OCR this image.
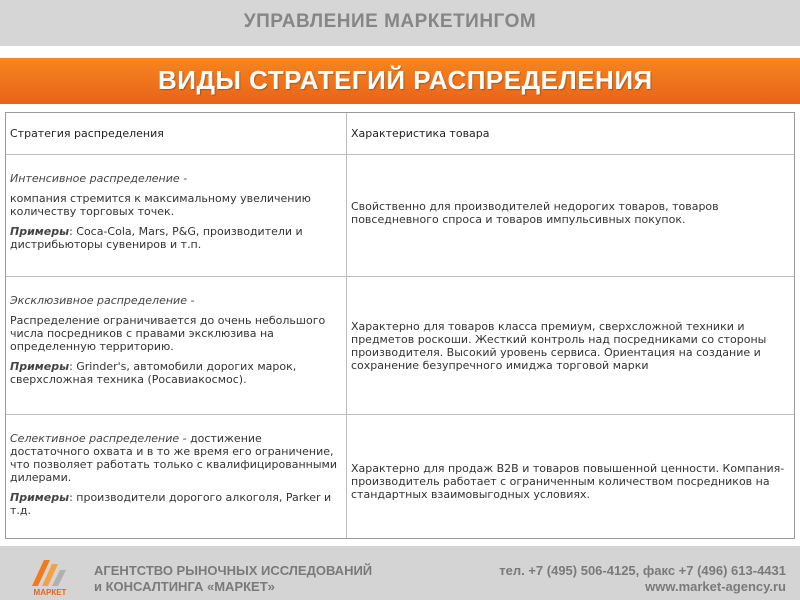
УПРАВЛЕНИЕ МАРКЕТИНГОМ
ВИДЫ СТРАТЕГИЙ РАСПРЕДЕЛЕНИЯ
Стратегия распределения	Характеристика товара

Интенсивное распределение -

компания стремится к максимальному увеличению количеству торговых точек.

Примеры: Coca-Cola, Mars, P&G, производители и дистрибьюторы сувениров и т.п.

Свойственно для производителей недорогих товаров, товаров повседневного спроса и товаров импульсивных покупок.

Эксклюзивное распределение -

Распределение ограничивается до очень небольшого числа посредников с правами эксклюзива на определенную территорию.

Примеры: Grinder's, автомобили дорогих марок, сверхсложная техника (Росавиакосмос).

Характерно для товаров класса премиум, сверхсложной техники и предметов роскоши. Жесткий контроль над посредниками со стороны производителя. Высокий уровень сервиса. Ориентация на создание и сохранение безупречного имиджа торговой марки

Селективное распределение - достижение достаточного охвата и в то же время его ограничение, что позволяет работать только с квалифицированными дилерами.

Примеры: производители дорогого алкоголя, Parker и т.д.

Характерно для продаж B2B и товаров повышенной ценности. Компания-производитель работает с ограниченным количеством посредников на стандартных взаимовыгодных условиях.

МАРКЕТ
АГЕНТСТВО РЫНОЧНЫХ ИССЛЕДОВАНИЙ
и КОНСАЛТИНГА «МАРКЕТ»
тел. +7 (495) 506-4125, факс +7 (496) 613-4431
www.market-agency.ru
